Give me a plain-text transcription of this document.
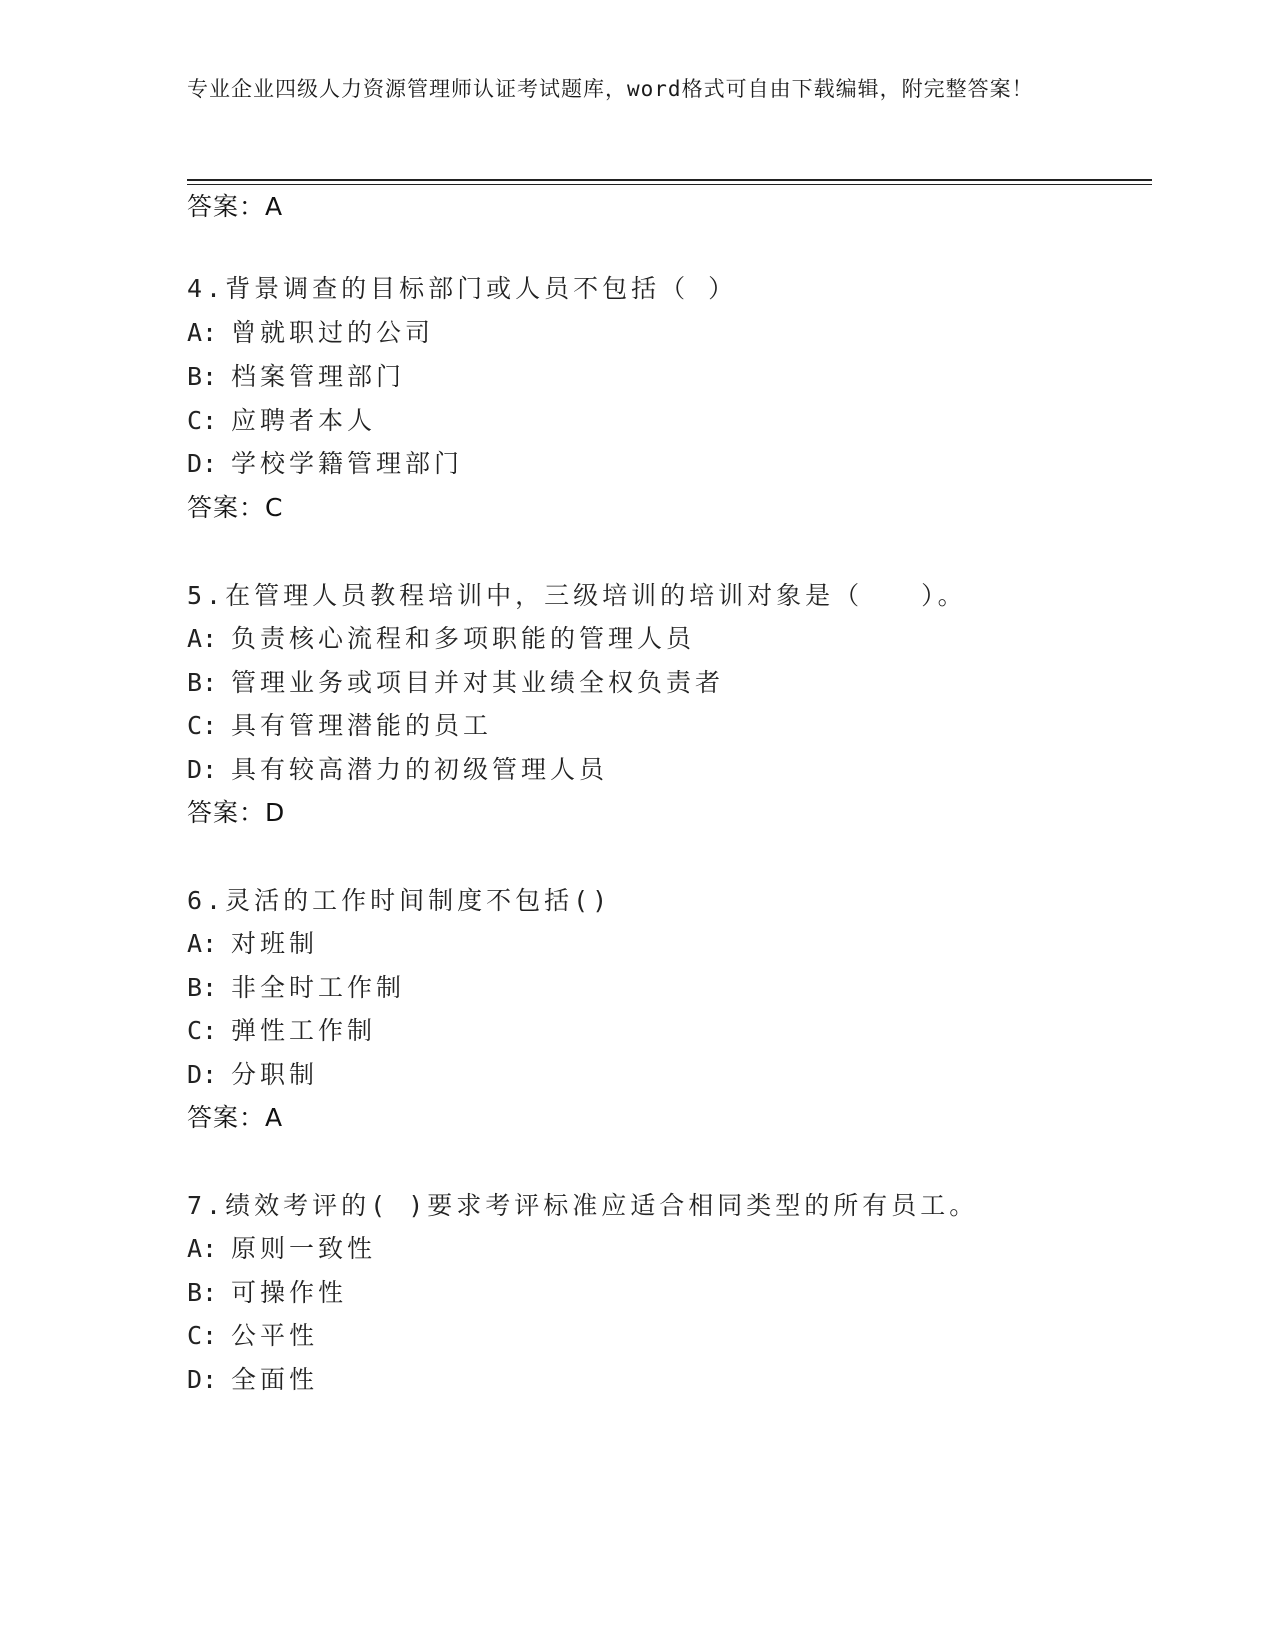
专业企业四级人力资源管理师认证考试题库，word格式可自由下载编辑，附完整答案！
答案：A
4.背景调查的目标部门或人员不包括（ ）
A: 曾就职过的公司
B: 档案管理部门
C: 应聘者本人
D: 学校学籍管理部门
答案：C
5.在管理人员教程培训中，三级培训的培训对象是（　　）。
A: 负责核心流程和多项职能的管理人员
B: 管理业务或项目并对其业绩全权负责者
C: 具有管理潜能的员工
D: 具有较高潜力的初级管理人员
答案：D
6.灵活的工作时间制度不包括()
A: 对班制
B: 非全时工作制
C: 弹性工作制
D: 分职制
答案：A
7.绩效考评的( )要求考评标准应适合相同类型的所有员工。
A: 原则一致性
B: 可操作性
C: 公平性
D: 全面性
